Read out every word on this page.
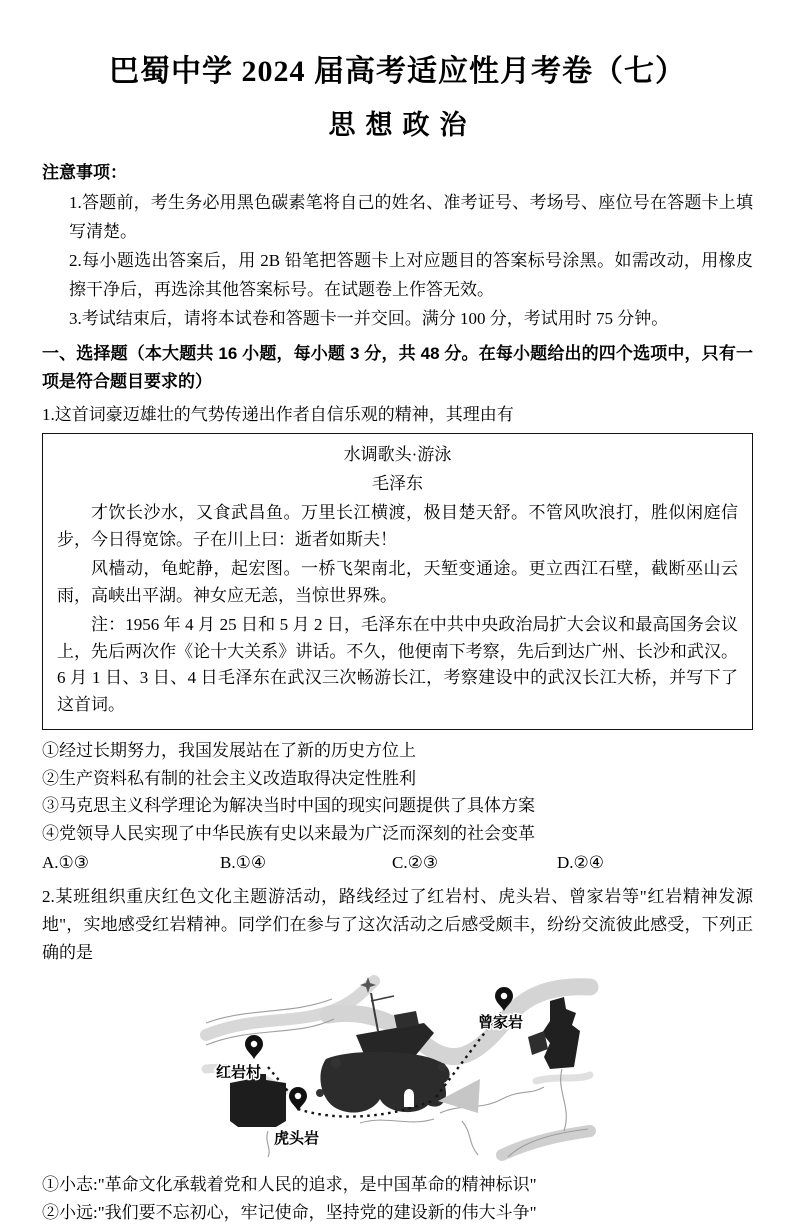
巴蜀中学 2024 届高考适应性月考卷（七）
思想政治
注意事项：

1.答题前，考生务必用黑色碳素笔将自己的姓名、准考证号、考场号、座位号在答题卡上填写清楚。

2.每小题选出答案后，用 2B 铅笔把答题卡上对应题目的答案标号涂黑。如需改动，用橡皮擦干净后，再选涂其他答案标号。在试题卷上作答无效。

3.考试结束后，请将本试卷和答题卡一并交回。满分 100 分，考试用时 75 分钟。

一、选择题（本大题共 16 小题，每小题 3 分，共 48 分。在每小题给出的四个选项中，只有一项是符合题目要求的）

1.这首词豪迈雄壮的气势传递出作者自信乐观的精神，其理由有

水调歌头·游泳

毛泽东

才饮长沙水，又食武昌鱼。万里长江横渡，极目楚天舒。不管风吹浪打，胜似闲庭信步，今日得宽馀。子在川上曰：逝者如斯夫！

风樯动，龟蛇静，起宏图。一桥飞架南北，天堑变通途。更立西江石壁，截断巫山云雨，高峡出平湖。神女应无恙，当惊世界殊。

注：1956 年 4 月 25 日和 5 月 2 日，毛泽东在中共中央政治局扩大会议和最高国务会议上，先后两次作《论十大关系》讲话。不久，他便南下考察，先后到达广州、长沙和武汉。6 月 1 日、3 日、4 日毛泽东在武汉三次畅游长江，考察建设中的武汉长江大桥，并写下了这首词。

①经过长期努力，我国发展站在了新的历史方位上

②生产资料私有制的社会主义改造取得决定性胜利

③马克思主义科学理论为解决当时中国的现实问题提供了具体方案

④党领导人民实现了中华民族有史以来最为广泛而深刻的社会变革

A.①③	B.①④	C.②③	D.②④

2.某班组织重庆红色文化主题游活动，路线经过了红岩村、虎头岩、曾家岩等"红岩精神发源地"，实地感受红岩精神。同学们在参与了这次活动之后感受颇丰，纷纷交流彼此感受，下列正确的是

红岩村
虎头岩
曾家岩

①小志:"革命文化承载着党和人民的追求，是中国革命的精神标识"

②小远:"我们要不忘初心，牢记使命，坚持党的建设新的伟大斗争"
